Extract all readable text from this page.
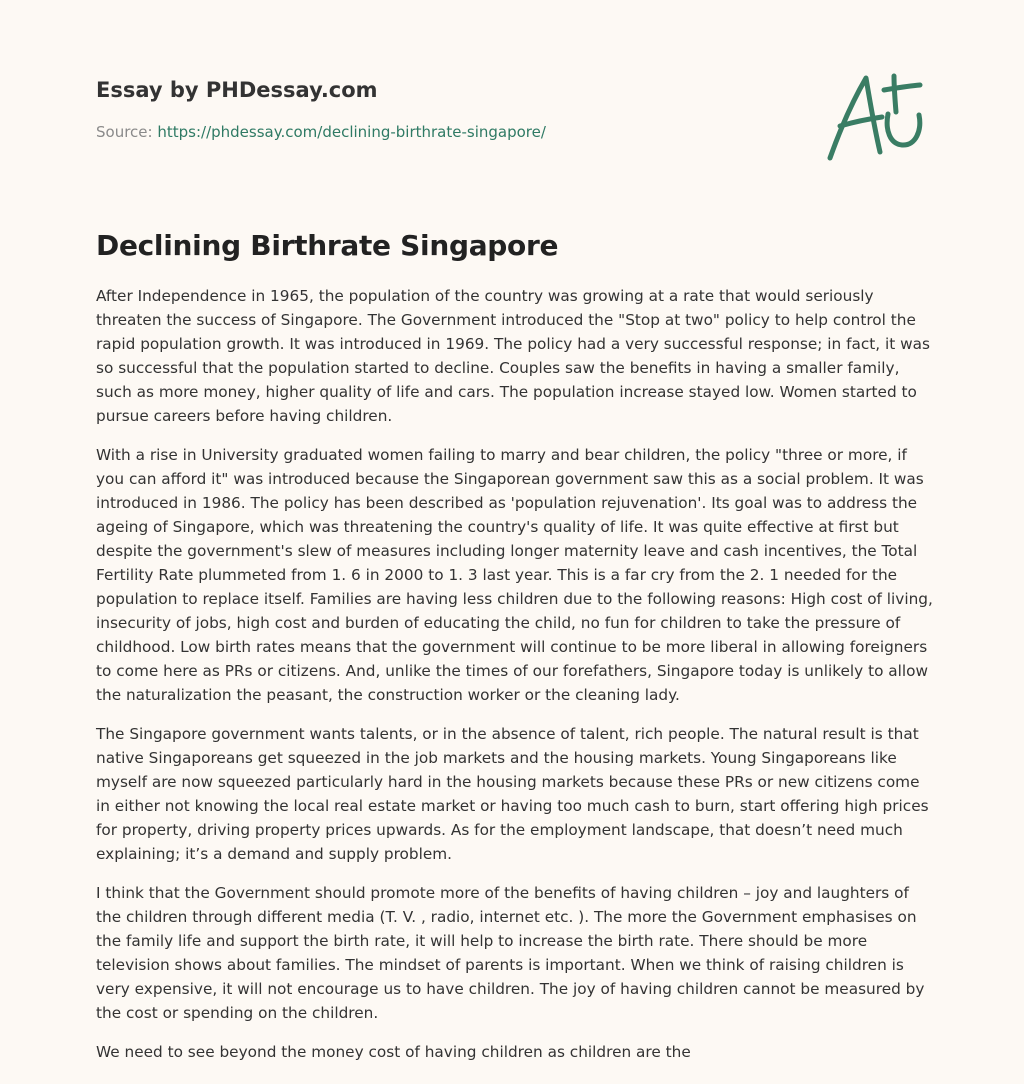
Essay by PHDessay.com
Source: https://phdessay.com/declining-birthrate-singapore/
Declining Birthrate Singapore

After Independence in 1965, the population of the country was growing at a rate that would seriously threaten the success of Singapore. The Government introduced the "Stop at two" policy to help control the rapid population growth. It was introduced in 1969. The policy had a very successful response; in fact, it was so successful that the population started to decline. Couples saw the benefits in having a smaller family, such as more money, higher quality of life and cars. The population increase stayed low. Women started to pursue careers before having children.

With a rise in University graduated women failing to marry and bear children, the policy "three or more, if you can afford it" was introduced because the Singaporean government saw this as a social problem. It was introduced in 1986. The policy has been described as 'population rejuvenation'. Its goal was to address the ageing of Singapore, which was threatening the country's quality of life. It was quite effective at first but despite the government's slew of measures including longer maternity leave and cash incentives, the Total Fertility Rate plummeted from 1. 6 in 2000 to 1. 3 last year. This is a far cry from the 2. 1 needed for the population to replace itself. Families are having less children due to the following reasons: High cost of living, insecurity of jobs, high cost and burden of educating the child, no fun for children to take the pressure of childhood. Low birth rates means that the government will continue to be more liberal in allowing foreigners to come here as PRs or citizens. And, unlike the times of our forefathers, Singapore today is unlikely to allow the naturalization the peasant, the construction worker or the cleaning lady.

The Singapore government wants talents, or in the absence of talent, rich people. The natural result is that native Singaporeans get squeezed in the job markets and the housing markets. Young Singaporeans like myself are now squeezed particularly hard in the housing markets because these PRs or new citizens come in either not knowing the local real estate market or having too much cash to burn, start offering high prices for property, driving property prices upwards. As for the employment landscape, that doesn’t need much explaining; it’s a demand and supply problem.

I think that the Government should promote more of the benefits of having children – joy and laughters of the children through different media (T. V. , radio, internet etc. ). The more the Government emphasises on the family life and support the birth rate, it will help to increase the birth rate. There should be more television shows about families. The mindset of parents is important. When we think of raising children is very expensive, it will not encourage us to have children. The joy of having children cannot be measured by the cost or spending on the children.

We need to see beyond the money cost of having children as children are the
